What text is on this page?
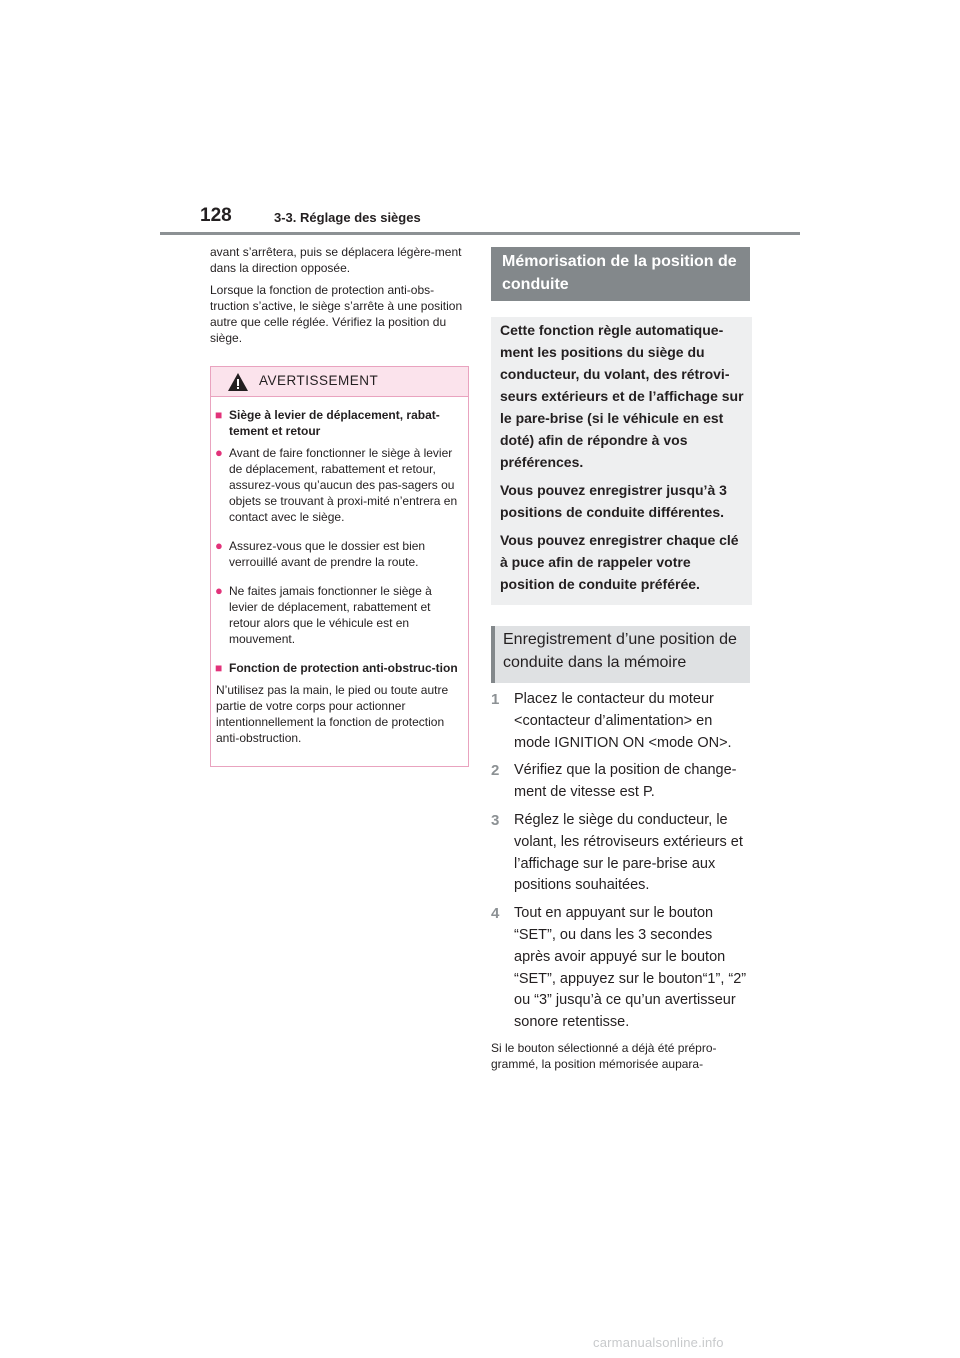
128	3-3. Réglage des sièges

avant s’arrêtera, puis se déplacera légère-ment dans la direction opposée.

Lorsque la fonction de protection anti-obs-truction s’active, le siège s’arrête à une position autre que celle réglée. Vérifiez la position du siège.

AVERTISSEMENT
■ Siège à levier de déplacement, rabat-tement et retour
● Avant de faire fonctionner le siège à levier de déplacement, rabattement et retour, assurez-vous qu’aucun des pas-sagers ou objets se trouvant à proxi-mité n’entrera en contact avec le siège.
● Assurez-vous que le dossier est bien verrouillé avant de prendre la route.
● Ne faites jamais fonctionner le siège à levier de déplacement, rabattement et retour alors que le véhicule est en mouvement.
■ Fonction de protection anti-obstruc-tion

N’utilisez pas la main, le pied ou toute autre partie de votre corps pour actionner intentionnellement la fonction de protection anti-obstruction.

Mémorisation de la position de conduite

Cette fonction règle automatique-ment les positions du siège du conducteur, du volant, des rétrovi-seurs extérieurs et de l’affichage sur le pare-brise (si le véhicule en est doté) afin de répondre à vos préférences.

Vous pouvez enregistrer jusqu’à 3 positions de conduite différentes.

Vous pouvez enregistrer chaque clé à puce afin de rappeler votre position de conduite préférée.

Enregistrement d’une position de conduite dans la mémoire
1	Placez le contacteur du moteur <contacteur d’alimentation> en mode IGNITION ON <mode ON>.
2	Vérifiez que la position de change-ment de vitesse est P.
3	Réglez le siège du conducteur, le volant, les rétroviseurs extérieurs et l’affichage sur le pare-brise aux positions souhaitées.
4	Tout en appuyant sur le bouton “SET”, ou dans les 3 secondes après avoir appuyé sur le bouton “SET”, appuyez sur le bouton“1”, “2” ou “3” jusqu’à ce qu’un avertisseur sonore retentisse.

Si le bouton sélectionné a déjà été prépro-grammé, la position mémorisée aupara-

carmanualsonline.info
